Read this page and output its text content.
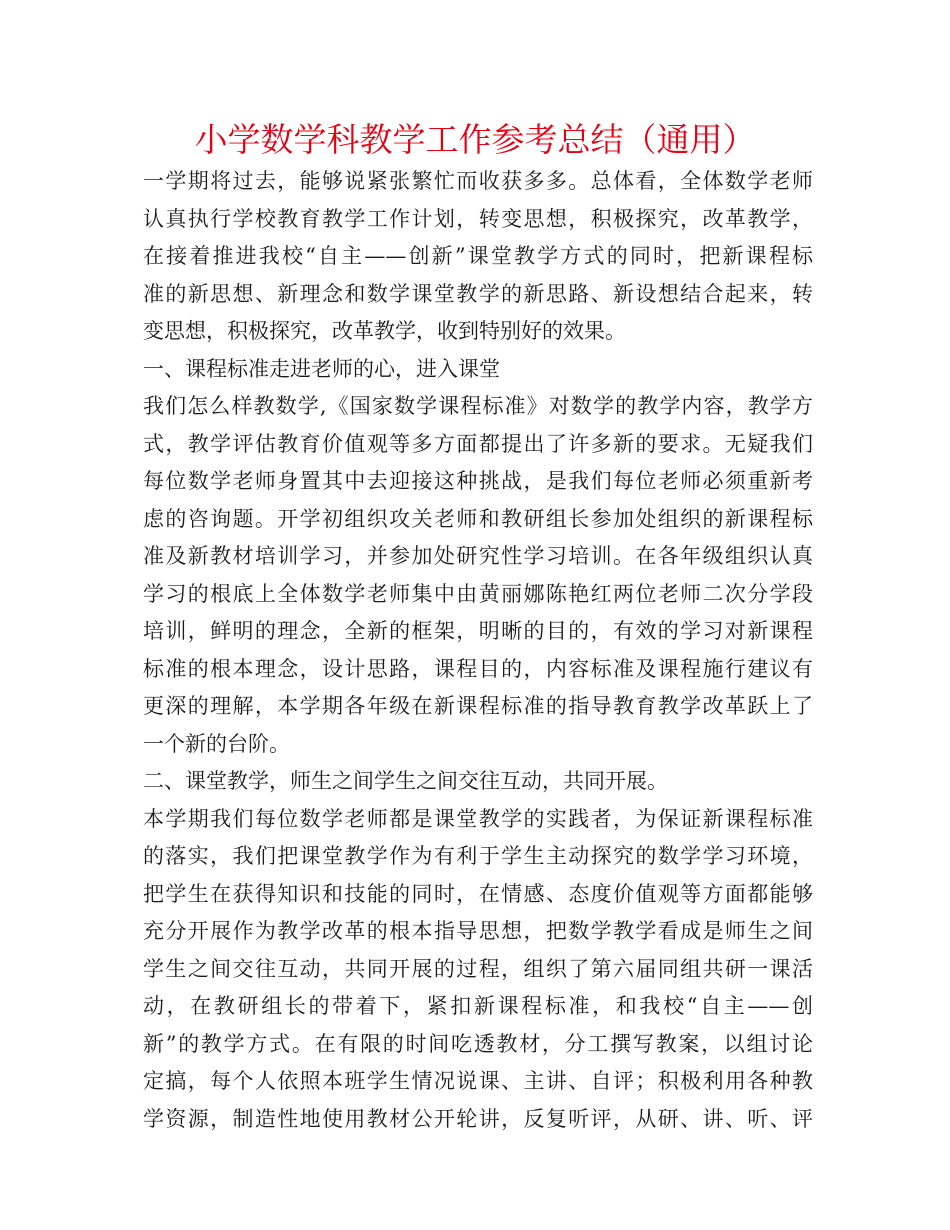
小学数学科教学工作参考总结（通用）
一学期将过去，能够说紧张繁忙而收获多多。总体看，全体数学老师
认真执行学校教育教学工作计划，转变思想，积极探究，改革教学，
在接着推进我校“自主——创新”课堂教学方式的同时，把新课程标
准的新思想、新理念和数学课堂教学的新思路、新设想结合起来，转
变思想，积极探究，改革教学，收到特别好的效果。
一、课程标准走进老师的心，进入课堂
我们怎么样教数学,《国家数学课程标准》对数学的教学内容，教学方
式，教学评估教育价值观等多方面都提出了许多新的要求。无疑我们
每位数学老师身置其中去迎接这种挑战，是我们每位老师必须重新考
虑的咨询题。开学初组织攻关老师和教研组长参加处组织的新课程标
准及新教材培训学习，并参加处研究性学习培训。在各年级组织认真
学习的根底上全体数学老师集中由黄丽娜陈艳红两位老师二次分学段
培训，鲜明的理念，全新的框架，明晰的目的，有效的学习对新课程
标准的根本理念，设计思路，课程目的，内容标准及课程施行建议有
更深的理解，本学期各年级在新课程标准的指导教育教学改革跃上了
一个新的台阶。
二、课堂教学，师生之间学生之间交往互动，共同开展。
本学期我们每位数学老师都是课堂教学的实践者，为保证新课程标准
的落实，我们把课堂教学作为有利于学生主动探究的数学学习环境，
把学生在获得知识和技能的同时，在情感、态度价值观等方面都能够
充分开展作为教学改革的根本指导思想，把数学教学看成是师生之间
学生之间交往互动，共同开展的过程，组织了第六届同组共研一课活
动，在教研组长的带着下，紧扣新课程标准，和我校“自主——创
新”的教学方式。在有限的时间吃透教材，分工撰写教案，以组讨论
定搞，每个人依照本班学生情况说课、主讲、自评；积极利用各种教
学资源，制造性地使用教材公开轮讲，反复听评，从研、讲、听、评
